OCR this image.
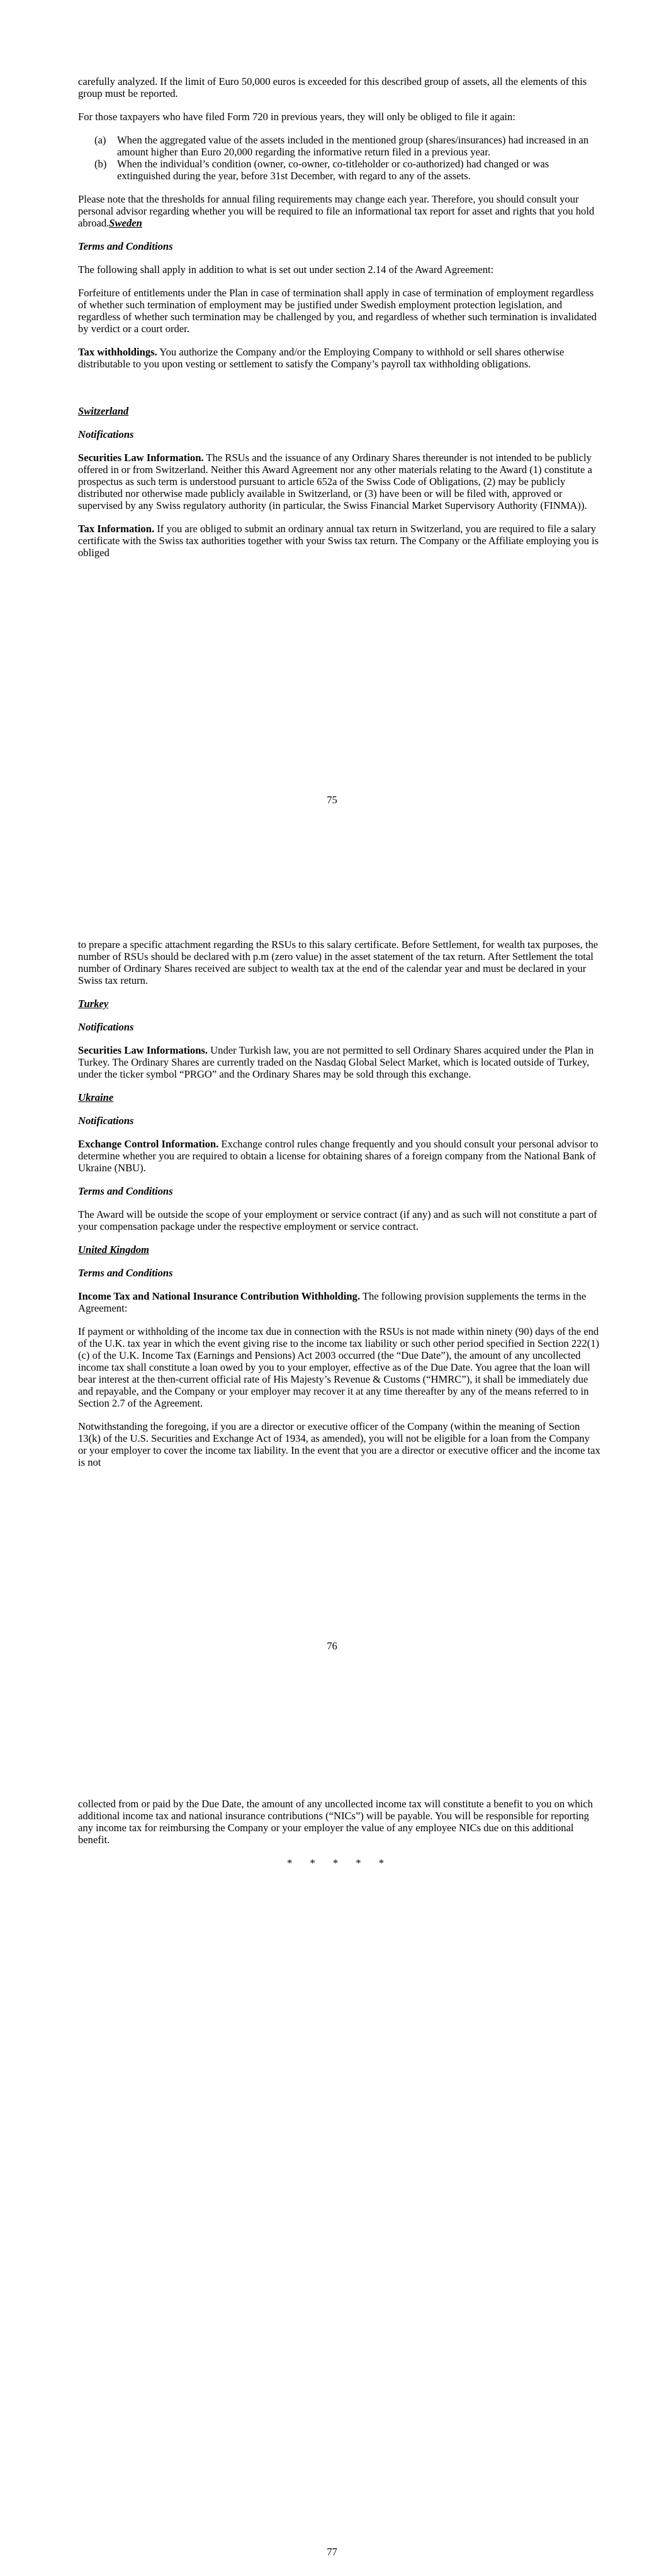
carefully analyzed. If the limit of Euro 50,000 euros is exceeded for this described group of assets, all the elements of this group must be reported.

For those taxpayers who have filed Form 720 in previous years, they will only be obliged to file it again:

(a) When the aggregated value of the assets included in the mentioned group (shares/insurances) had increased in an amount higher than Euro 20,000 regarding the informative return filed in a previous year.
(b) When the individual’s condition (owner, co-owner, co-titleholder or co-authorized) had changed or was extinguished during the year, before 31st December, with regard to any of the assets.

Please note that the thresholds for annual filing requirements may change each year. Therefore, you should consult your personal advisor regarding whether you will be required to file an informational tax report for asset and rights that you hold abroad.Sweden

Terms and Conditions

The following shall apply in addition to what is set out under section 2.14 of the Award Agreement:

Forfeiture of entitlements under the Plan in case of termination shall apply in case of termination of employment regardless of whether such termination of employment may be justified under Swedish employment protection legislation, and regardless of whether such termination may be challenged by you, and regardless of whether such termination is invalidated by verdict or a court order.

Tax withholdings. You authorize the Company and/or the Employing Company to withhold or sell shares otherwise distributable to you upon vesting or settlement to satisfy the Company’s payroll tax withholding obligations.

Switzerland
Notifications

Securities Law Information. The RSUs and the issuance of any Ordinary Shares thereunder is not intended to be publicly offered in or from Switzerland. Neither this Award Agreement nor any other materials relating to the Award (1) constitute a prospectus as such term is understood pursuant to article 652a of the Swiss Code of Obligations, (2) may be publicly distributed nor otherwise made publicly available in Switzerland, or (3) have been or will be filed with, approved or supervised by any Swiss regulatory authority (in particular, the Swiss Financial Market Supervisory Authority (FINMA)).

Tax Information. If you are obliged to submit an ordinary annual tax return in Switzerland, you are required to file a salary certificate with the Swiss tax authorities together with your Swiss tax return. The Company or the Affiliate employing you is obliged

75

to prepare a specific attachment regarding the RSUs to this salary certificate. Before Settlement, for wealth tax purposes, the number of RSUs should be declared with p.m (zero value) in the asset statement of the tax return. After Settlement the total number of Ordinary Shares received are subject to wealth tax at the end of the calendar year and must be declared in your Swiss tax return.

Turkey
Notifications

Securities Law Informations. Under Turkish law, you are not permitted to sell Ordinary Shares acquired under the Plan in Turkey. The Ordinary Shares are currently traded on the Nasdaq Global Select Market, which is located outside of Turkey, under the ticker symbol “PRGO” and the Ordinary Shares may be sold through this exchange.

Ukraine
Notifications

Exchange Control Information. Exchange control rules change frequently and you should consult your personal advisor to determine whether you are required to obtain a license for obtaining shares of a foreign company from the National Bank of Ukraine (NBU).

Terms and Conditions

The Award will be outside the scope of your employment or service contract (if any) and as such will not constitute a part of your compensation package under the respective employment or service contract.

United Kingdom
Terms and Conditions

Income Tax and National Insurance Contribution Withholding. The following provision supplements the terms in the Agreement:

If payment or withholding of the income tax due in connection with the RSUs is not made within ninety (90) days of the end of the U.K. tax year in which the event giving rise to the income tax liability or such other period specified in Section 222(1)(c) of the U.K. Income Tax (Earnings and Pensions) Act 2003 occurred (the “Due Date”), the amount of any uncollected income tax shall constitute a loan owed by you to your employer, effective as of the Due Date. You agree that the loan will bear interest at the then-current official rate of His Majesty’s Revenue & Customs (“HMRC”), it shall be immediately due and repayable, and the Company or your employer may recover it at any time thereafter by any of the means referred to in Section 2.7 of the Agreement.

Notwithstanding the foregoing, if you are a director or executive officer of the Company (within the meaning of Section 13(k) of the U.S. Securities and Exchange Act of 1934, as amended), you will not be eligible for a loan from the Company or your employer to cover the income tax liability. In the event that you are a director or executive officer and the income tax is not

76

collected from or paid by the Due Date, the amount of any uncollected income tax will constitute a benefit to you on which additional income tax and national insurance contributions (“NICs”) will be payable. You will be responsible for reporting any income tax for reimbursing the Company or your employer the value of any employee NICs due on this additional benefit.

* * * * *
77
